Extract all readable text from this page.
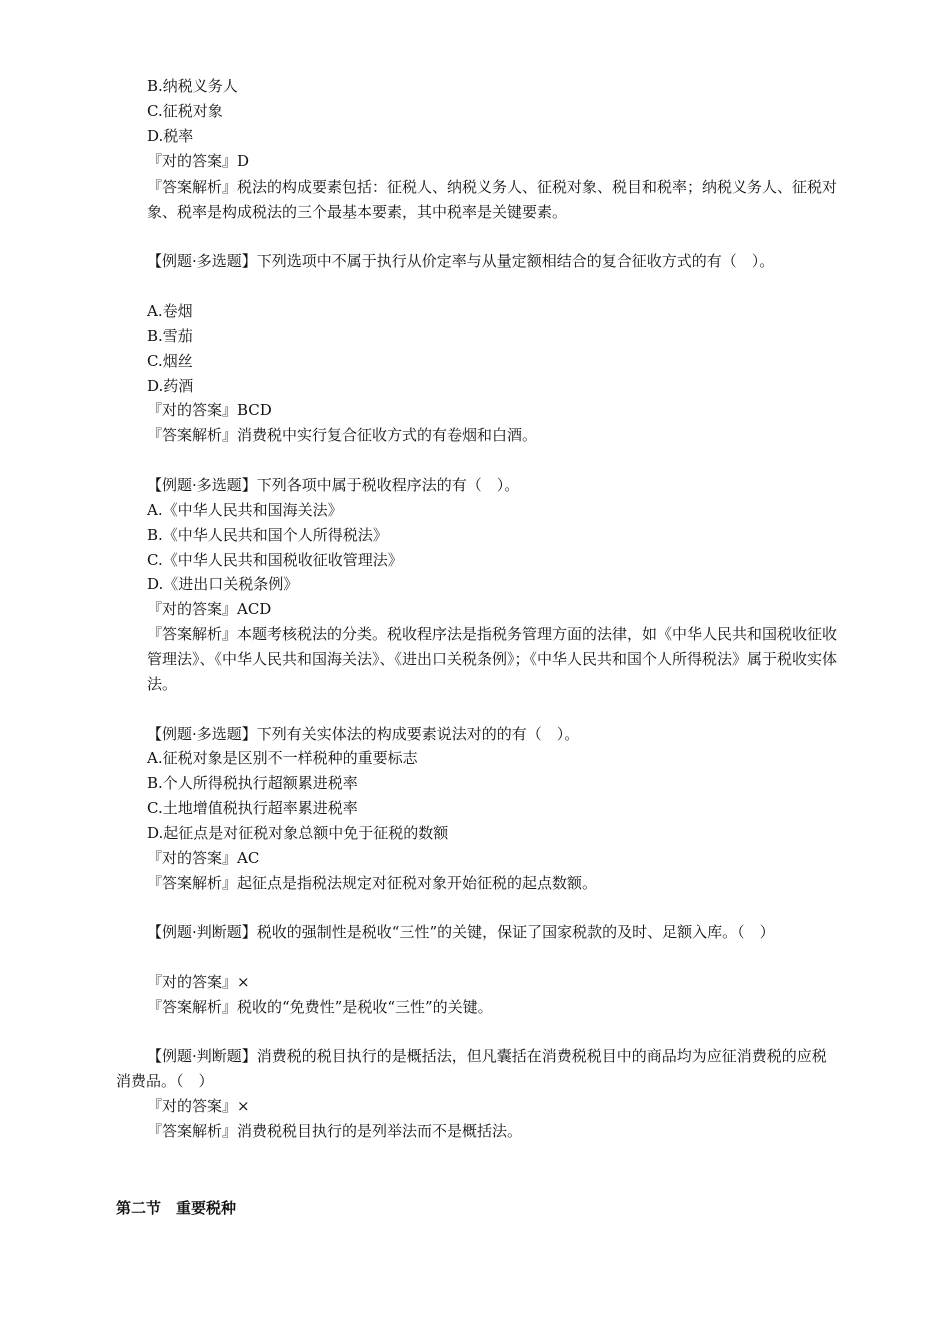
B.纳税义务人
C.征税对象
D.税率
『对的答案』D
『答案解析』税法的构成要素包括：征税人、纳税义务人、征税对象、税目和税率；纳税义务人、征税对象、税率是构成税法的三个最基本要素，其中税率是关键要素。
【例题·多选题】下列选项中不属于执行从价定率与从量定额相结合的复合征收方式的有（　）。
A.卷烟
B.雪茄
C.烟丝
D.药酒
『对的答案』BCD
『答案解析』消费税中实行复合征收方式的有卷烟和白酒。
【例题·多选题】下列各项中属于税收程序法的有（　）。
A.《中华人民共和国海关法》
B.《中华人民共和国个人所得税法》
C.《中华人民共和国税收征收管理法》
D.《进出口关税条例》
『对的答案』ACD
『答案解析』本题考核税法的分类。税收程序法是指税务管理方面的法律，如《中华人民共和国税收征收管理法》、《中华人民共和国海关法》、《进出口关税条例》；《中华人民共和国个人所得税法》属于税收实体法。
【例题·多选题】下列有关实体法的构成要素说法对的的有（　）。
A.征税对象是区别不一样税种的重要标志
B.个人所得税执行超额累进税率
C.土地增值税执行超率累进税率
D.起征点是对征税对象总额中免于征税的数额
『对的答案』AC
『答案解析』起征点是指税法规定对征税对象开始征税的起点数额。
【例题·判断题】税收的强制性是税收“三性”的关键，保证了国家税款的及时、足额入库。（　）
『对的答案』×
『答案解析』税收的“免费性”是税收“三性”的关键。
【例题·判断题】消费税的税目执行的是概括法，但凡囊括在消费税税目中的商品均为应征消费税的应税消费品。（　）
『对的答案』×
『答案解析』消费税税目执行的是列举法而不是概括法。
第二节　重要税种
